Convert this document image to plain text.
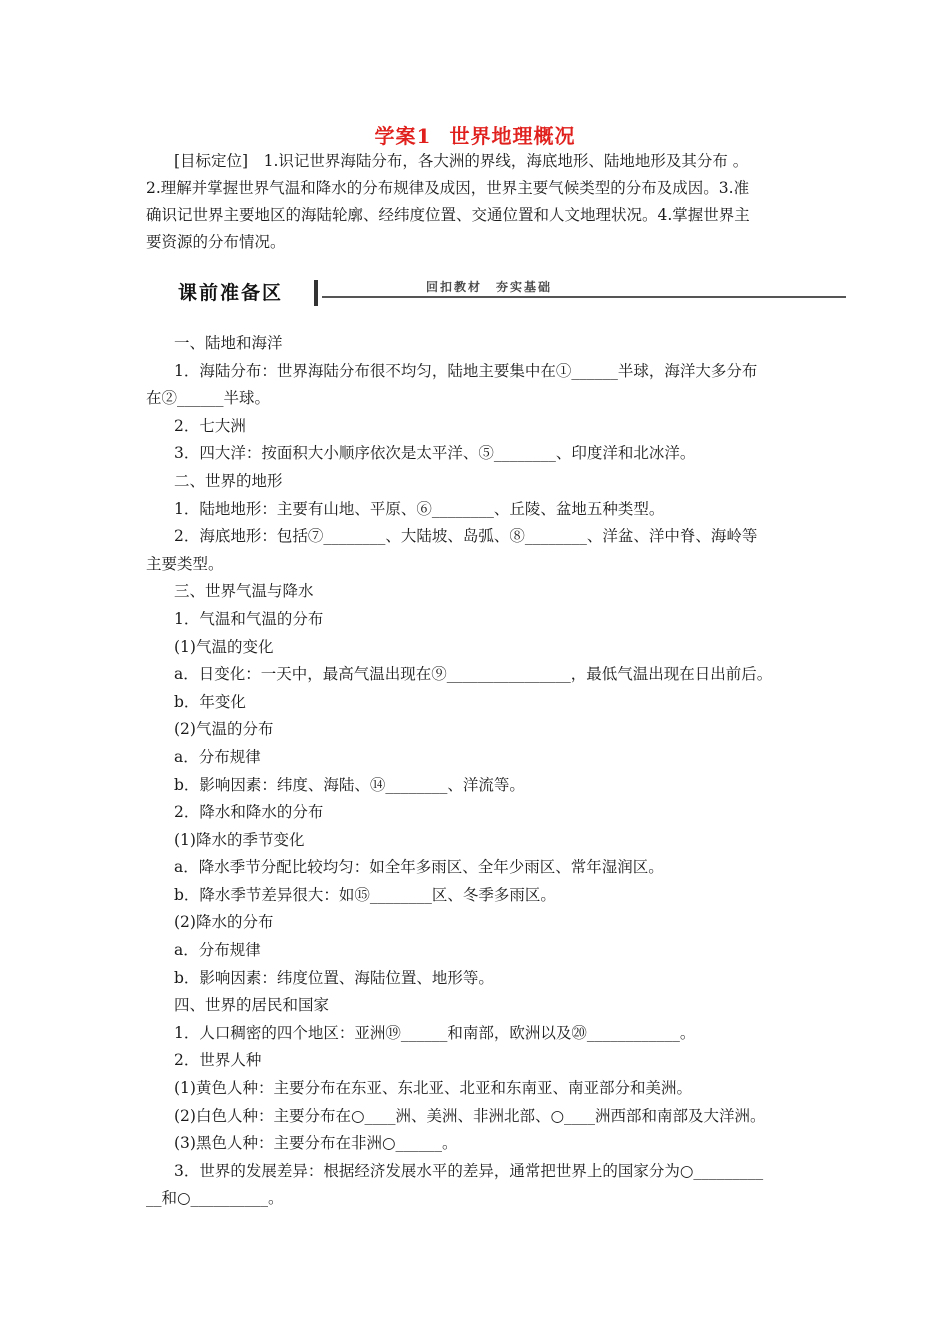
学案1 世界地理概况
[目标定位]　1.识记世界海陆分布，各大洲的界线，海底地形、陆地地形及其分布 。
2.理解并掌握世界气温和降水的分布规律及成因，世界主要气候类型的分布及成因。3.准
确识记世界主要地区的海陆轮廓、经纬度位置、交通位置和人文地理状况。4.掌握世界主
要资源的分布情况。
课前准备区	回扣教材　夯实基础

一、陆地和海洋

1．海陆分布：世界海陆分布很不均匀，陆地主要集中在①______半球，海洋大多分布

在②______半球。

2．七大洲

3．四大洋：按面积大小顺序依次是太平洋、⑤________、印度洋和北冰洋。

二、世界的地形

1．陆地地形：主要有山地、平原、⑥________、丘陵、盆地五种类型。

2．海底地形：包括⑦________、大陆坡、岛弧、⑧________、洋盆、洋中脊、海岭等

主要类型。

三、世界气温与降水

1．气温和气温的分布

(1)气温的变化

a．日变化：一天中，最高气温出现在⑨________________，最低气温出现在日出前后。

b．年变化

(2)气温的分布

a．分布规律

b．影响因素：纬度、海陆、⑭________、洋流等。

2．降水和降水的分布

(1)降水的季节变化

a．降水季节分配比较均匀：如全年多雨区、全年少雨区、常年湿润区。

b．降水季节差异很大：如⑮________区、冬季多雨区。

(2)降水的分布

a．分布规律

b．影响因素：纬度位置、海陆位置、地形等。

四、世界的居民和国家

1．人口稠密的四个地区：亚洲⑲______和南部，欧洲以及⑳____________。

2．世界人种

(1)黄色人种：主要分布在东亚、东北亚、北亚和东南亚、南亚部分和美洲。

(2)白色人种：主要分布在○____洲、美洲、非洲北部、○____洲西部和南部及大洋洲。

(3)黑色人种：主要分布在非洲○______。

3．世界的发展差异：根据经济发展水平的差异，通常把世界上的国家分为○_________

__和○__________。
